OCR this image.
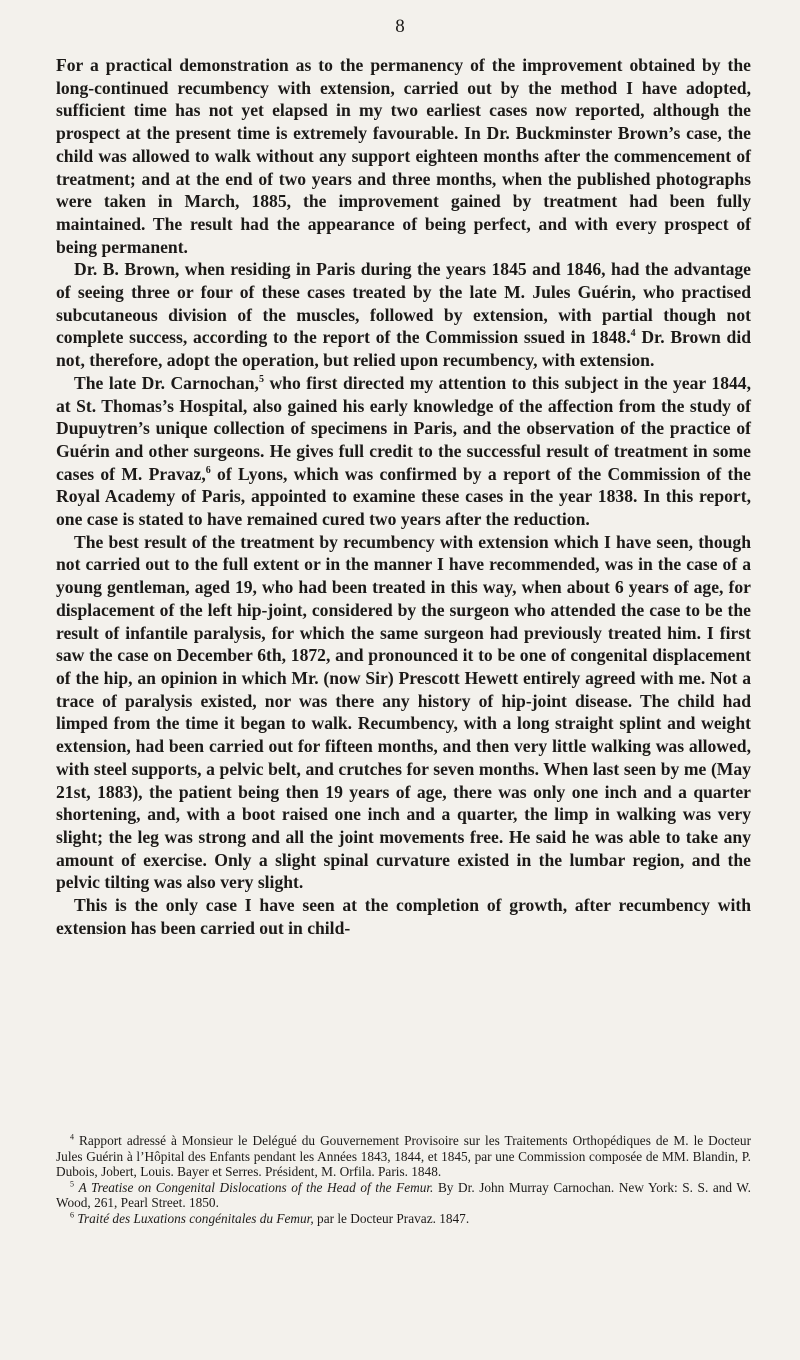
8

For a practical demonstration as to the permanency of the improvement obtained by the long-continued recumbency with extension, carried out by the method I have adopted, sufficient time has not yet elapsed in my two earliest cases now reported, although the prospect at the present time is extremely favourable. In Dr. Buckminster Brown’s case, the child was allowed to walk without any support eighteen months after the commencement of treatment; and at the end of two years and three months, when the published photographs were taken in March, 1885, the improvement gained by treatment had been fully maintained. The result had the appearance of being perfect, and with every prospect of being permanent.

Dr. B. Brown, when residing in Paris during the years 1845 and 1846, had the advantage of seeing three or four of these cases treated by the late M. Jules Guérin, who practised subcutaneous division of the muscles, followed by extension, with partial though not complete success, according to the report of the Commission ssued in 1848.$^4$ Dr. Brown did not, therefore, adopt the operation, but relied upon recumbency, with extension.

The late Dr. Carnochan,$^5$ who first directed my attention to this subject in the year 1844, at St. Thomas’s Hospital, also gained his early knowledge of the affection from the study of Dupuytren’s unique collection of specimens in Paris, and the observation of the practice of Guérin and other surgeons. He gives full credit to the successful result of treatment in some cases of M. Pravaz,$^6$ of Lyons, which was confirmed by a report of the Commission of the Royal Academy of Paris, appointed to examine these cases in the year 1838. In this report, one case is stated to have remained cured two years after the reduction.

The best result of the treatment by recumbency with extension which I have seen, though not carried out to the full extent or in the manner I have recommended, was in the case of a young gentleman, aged 19, who had been treated in this way, when about 6 years of age, for displacement of the left hip-joint, considered by the surgeon who attended the case to be the result of infantile paralysis, for which the same surgeon had previously treated him. I first saw the case on December 6th, 1872, and pronounced it to be one of congenital displacement of the hip, an opinion in which Mr. (now Sir) Prescott Hewett entirely agreed with me. Not a trace of paralysis existed, nor was there any history of hip-joint disease. The child had limped from the time it began to walk. Recumbency, with a long straight splint and weight extension, had been carried out for fifteen months, and then very little walking was allowed, with steel supports, a pelvic belt, and crutches for seven months. When last seen by me (May 21st, 1883), the patient being then 19 years of age, there was only one inch and a quarter shortening, and, with a boot raised one inch and a quarter, the limp in walking was very slight; the leg was strong and all the joint movements free. He said he was able to take any amount of exercise. Only a slight spinal curvature existed in the lumbar region, and the pelvic tilting was also very slight.

This is the only case I have seen at the completion of growth, after recumbency with extension has been carried out in child-

$^4$ Rapport adressé à Monsieur le Delégué du Gouvernement Provisoire sur les Traitements Orthopédiques de M. le Docteur Jules Guérin à l’Hôpital des Enfants pendant les Années 1843, 1844, et 1845, par une Commission composée de MM. Blandin, P. Dubois, Jobert, Louis. Bayer et Serres. Président, M. Orfila. Paris. 1848.

$^5$ A Treatise on Congenital Dislocations of the Head of the Femur. By Dr. John Murray Carnochan. New York: S. S. and W. Wood, 261, Pearl Street. 1850.

$^6$ Traité des Luxations congénitales du Femur, par le Docteur Pravaz. 1847.
